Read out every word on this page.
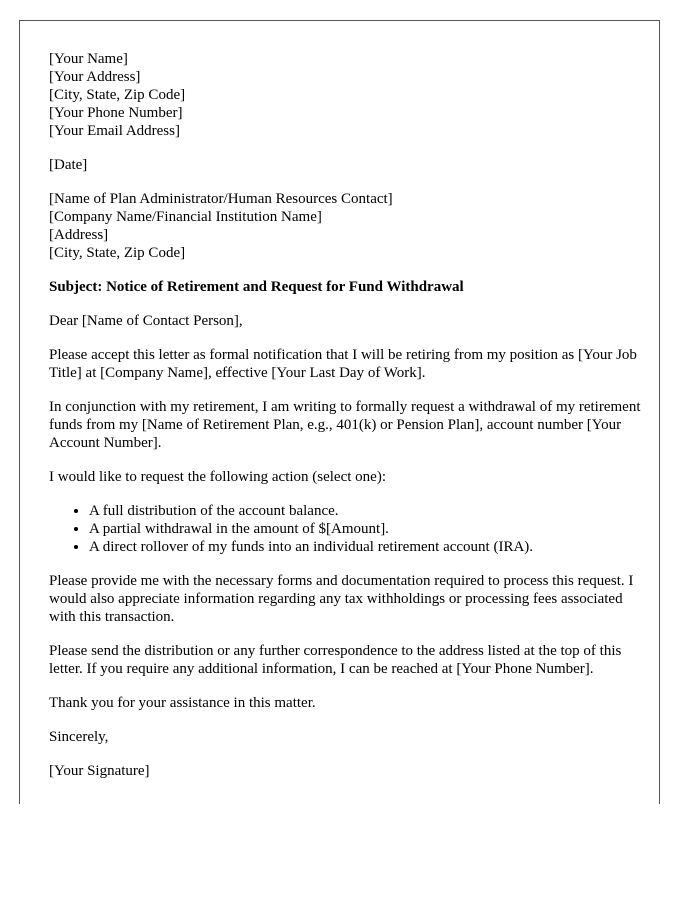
[Your Name]
[Your Address]
[City, State, Zip Code]
[Your Phone Number]
[Your Email Address]
[Date]
[Name of Plan Administrator/Human Resources Contact]
[Company Name/Financial Institution Name]
[Address]
[City, State, Zip Code]

Subject: Notice of Retirement and Request for Fund Withdrawal

Dear [Name of Contact Person],

Please accept this letter as formal notification that I will be retiring from my position as [Your Job Title] at [Company Name], effective [Your Last Day of Work].

In conjunction with my retirement, I am writing to formally request a withdrawal of my retirement funds from my [Name of Retirement Plan, e.g., 401(k) or Pension Plan], account number [Your Account Number].

I would like to request the following action (select one):

• A full distribution of the account balance.
• A partial withdrawal in the amount of $[Amount].
• A direct rollover of my funds into an individual retirement account (IRA).

Please provide me with the necessary forms and documentation required to process this request. I would also appreciate information regarding any tax withholdings or processing fees associated with this transaction.

Please send the distribution or any further correspondence to the address listed at the top of this letter. If you require any additional information, I can be reached at [Your Phone Number].

Thank you for your assistance in this matter.

Sincerely,

[Your Signature]
